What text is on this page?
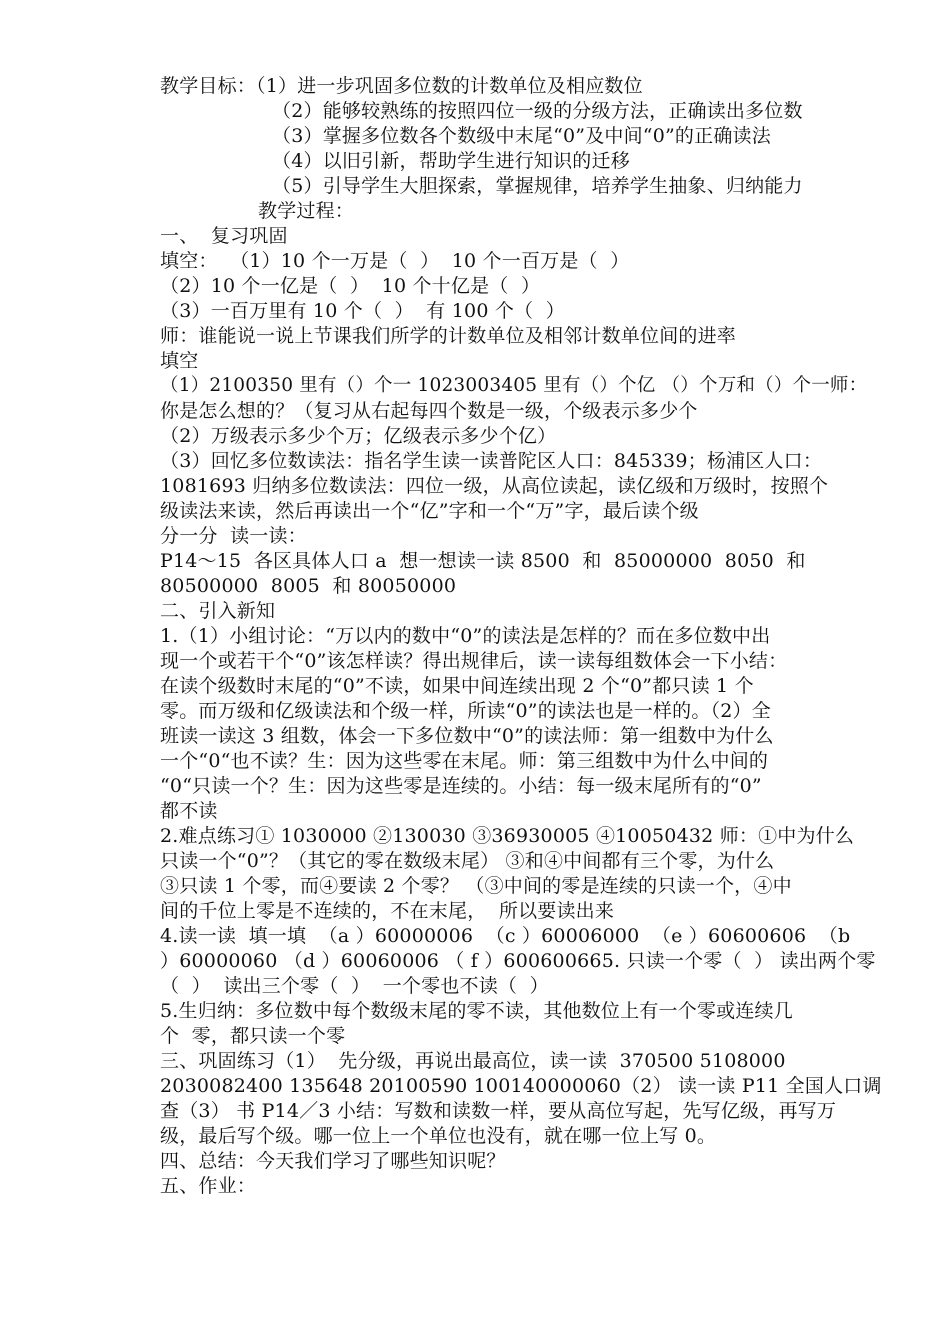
教学目标：（1）进一步巩固多位数的计数单位及相应数位
（2）能够较熟练的按照四位一级的分级方法，正确读出多位数
（3）掌握多位数各个数级中末尾“0”及中间“0”的正确读法
（4）以旧引新，帮助学生进行知识的迁移
（5）引导学生大胆探索，掌握规律，培养学生抽象、归纳能力
教学过程：
一、  复习巩固
填空：  （1）10 个一万是（  ）  10 个一百万是（  ）
（2）10 个一亿是（  ）  10 个十亿是（  ）
（3）一百万里有 10 个（  ）  有 100 个（  ）
师：谁能说一说上节课我们所学的计数单位及相邻计数单位间的进率
填空
（1）2100350 里有（）个一 1023003405 里有（）个亿 （）个万和（）个一师：
你是怎么想的？（复习从右起每四个数是一级，个级表示多少个
（2）万级表示多少个万；亿级表示多少个亿）
（3）回忆多位数读法：指名学生读一读普陀区人口：845339；杨浦区人口：
1081693 归纳多位数读法：四位一级，从高位读起，读亿级和万级时，按照个
级读法来读，然后再读出一个“亿”字和一个“万”字，最后读个级
分一分  读一读：
P14～15  各区具体人口 a  想一想读一读 8500  和  85000000  8050  和
80500000  8005  和 80050000
二、引入新知
1.（1）小组讨论：“万以内的数中“0”的读法是怎样的？而在多位数中出
现一个或若干个“0”该怎样读？得出规律后，读一读每组数体会一下小结：
在读个级数时末尾的“0”不读，如果中间连续出现 2 个“0”都只读 1 个
零。而万级和亿级读法和个级一样，所读“0”的读法也是一样的。（2）全
班读一读这 3 组数，体会一下多位数中“0”的读法师：第一组数中为什么
一个“0“也不读？生：因为这些零在末尾。师：第三组数中为什么中间的
“0“只读一个？生：因为这些零是连续的。小结：每一级末尾所有的“0”
都不读
2.难点练习① 1030000 ②130030 ③36930005 ④10050432 师：①中为什么
只读一个“0”？（其它的零在数级末尾） ③和④中间都有三个零，为什么
③只读 1 个零，而④要读 2 个零？ （③中间的零是连续的只读一个，④中
间的千位上零是不连续的，不在末尾，  所以要读出来
4.读一读  填一填  （a ）60000006  （c ）60006000  （e ）60600606  （b
）60000060 （d ）60060006 （ f ）600600665. 只读一个零（  ） 读出两个零
（  ）  读出三个零（  ）  一个零也不读（  ）
5.生归纳：多位数中每个数级末尾的零不读，其他数位上有一个零或连续几
个  零，都只读一个零
三、巩固练习（1）  先分级，再说出最高位，读一读  370500 5108000
2030082400 135648 20100590 100140000060（2） 读一读 P11 全国人口调
查（3） 书 P14／3 小结：写数和读数一样，要从高位写起，先写亿级，再写万
级，最后写个级。哪一位上一个单位也没有，就在哪一位上写 0。
四、总结：今天我们学习了哪些知识呢？
五、作业：
